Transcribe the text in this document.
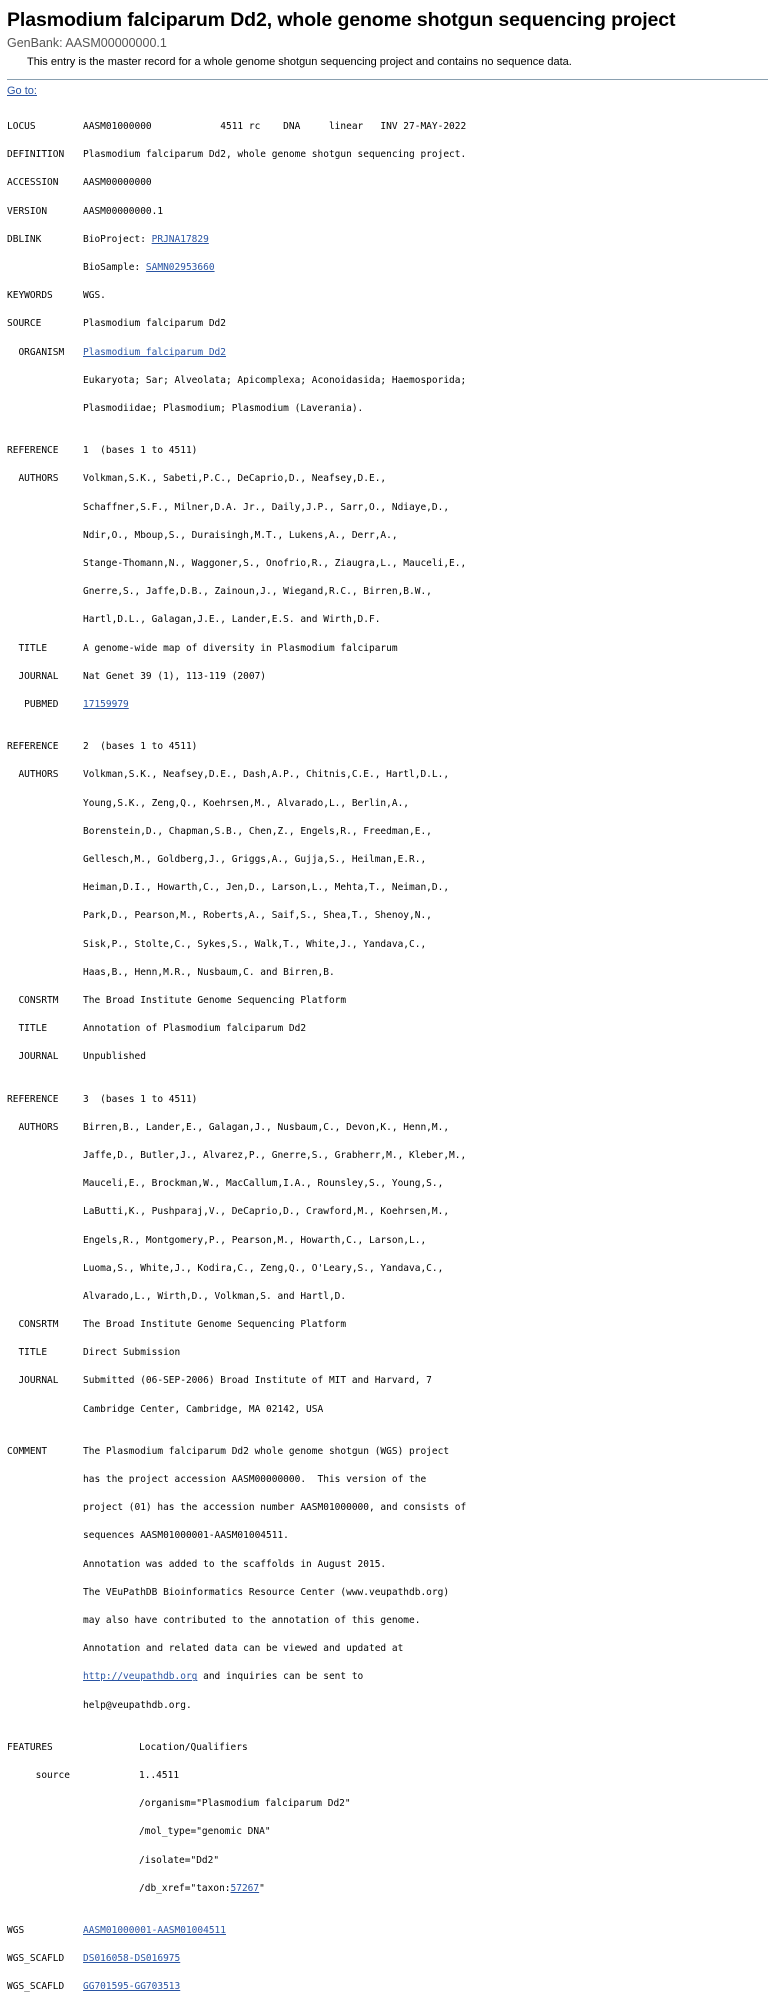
Plasmodium falciparum Dd2, whole genome shotgun sequencing project
GenBank: AASM00000000.1
This entry is the master record for a whole genome shotgun sequencing project and contains no sequence data.
Go to:

LOCUS	AASM01000000            4511 rc    DNA     linear   INV 27-MAY-2022

DEFINITION Plasmodium falciparum Dd2, whole genome shotgun sequencing project.

ACCESSION	AASM00000000

VERSION	AASM00000000.1

DBLINK	BioProject: PRJNA17829

BioSample: SAMN02953660

KEYWORDS	WGS.

SOURCE	Plasmodium falciparum Dd2

ORGANISM Plasmodium falciparum Dd2

Eukaryota; Sar; Alveolata; Apicomplexa; Aconoidasida; Haemosporida;

Plasmodiidae; Plasmodium; Plasmodium (Laverania).

REFERENCE	1  (bases 1 to 4511)

AUTHORS	Volkman,S.K., Sabeti,P.C., DeCaprio,D., Neafsey,D.E.,

Schaffner,S.F., Milner,D.A. Jr., Daily,J.P., Sarr,O., Ndiaye,D.,

Ndir,O., Mboup,S., Duraisingh,M.T., Lukens,A., Derr,A.,

Stange-Thomann,N., Waggoner,S., Onofrio,R., Ziaugra,L., Mauceli,E.,

Gnerre,S., Jaffe,D.B., Zainoun,J., Wiegand,R.C., Birren,B.W.,

Hartl,D.L., Galagan,J.E., Lander,E.S. and Wirth,D.F.

TITLE	A genome-wide map of diversity in Plasmodium falciparum

JOURNAL	Nat Genet 39 (1), 113-119 (2007)

PUBMED	17159979

REFERENCE	2  (bases 1 to 4511)

AUTHORS	Volkman,S.K., Neafsey,D.E., Dash,A.P., Chitnis,C.E., Hartl,D.L.,

Young,S.K., Zeng,Q., Koehrsen,M., Alvarado,L., Berlin,A.,

Borenstein,D., Chapman,S.B., Chen,Z., Engels,R., Freedman,E.,

Gellesch,M., Goldberg,J., Griggs,A., Gujja,S., Heilman,E.R.,

Heiman,D.I., Howarth,C., Jen,D., Larson,L., Mehta,T., Neiman,D.,

Park,D., Pearson,M., Roberts,A., Saif,S., Shea,T., Shenoy,N.,

Sisk,P., Stolte,C., Sykes,S., Walk,T., White,J., Yandava,C.,

Haas,B., Henn,M.R., Nusbaum,C. and Birren,B.

CONSRTM	The Broad Institute Genome Sequencing Platform

TITLE	Annotation of Plasmodium falciparum Dd2

JOURNAL	Unpublished

REFERENCE	3  (bases 1 to 4511)

AUTHORS	Birren,B., Lander,E., Galagan,J., Nusbaum,C., Devon,K., Henn,M.,

Jaffe,D., Butler,J., Alvarez,P., Gnerre,S., Grabherr,M., Kleber,M.,

Mauceli,E., Brockman,W., MacCallum,I.A., Rounsley,S., Young,S.,

LaButti,K., Pushparaj,V., DeCaprio,D., Crawford,M., Koehrsen,M.,

Engels,R., Montgomery,P., Pearson,M., Howarth,C., Larson,L.,

Luoma,S., White,J., Kodira,C., Zeng,Q., O'Leary,S., Yandava,C.,

Alvarado,L., Wirth,D., Volkman,S. and Hartl,D.

CONSRTM	The Broad Institute Genome Sequencing Platform

TITLE	Direct Submission

JOURNAL	Submitted (06-SEP-2006) Broad Institute of MIT and Harvard, 7

Cambridge Center, Cambridge, MA 02142, USA

COMMENT	The Plasmodium falciparum Dd2 whole genome shotgun (WGS) project

has the project accession AASM00000000.  This version of the

project (01) has the accession number AASM01000000, and consists of

sequences AASM01000001-AASM01004511.

Annotation was added to the scaffolds in August 2015.

The VEuPathDB Bioinformatics Resource Center (www.veupathdb.org)

may also have contributed to the annotation of this genome.

Annotation and related data can be viewed and updated at

http://veupathdb.org and inquiries can be sent to

help@veupathdb.org.

FEATURES	Location/Qualifiers

source	1..4511

/organism="Plasmodium falciparum Dd2"

/mol_type="genomic DNA"

/isolate="Dd2"

/db_xref="taxon:57267"

WGS	AASM01000001-AASM01004511

WGS_SCAFLD DS016058-DS016975

WGS_SCAFLD GG701595-GG703513
